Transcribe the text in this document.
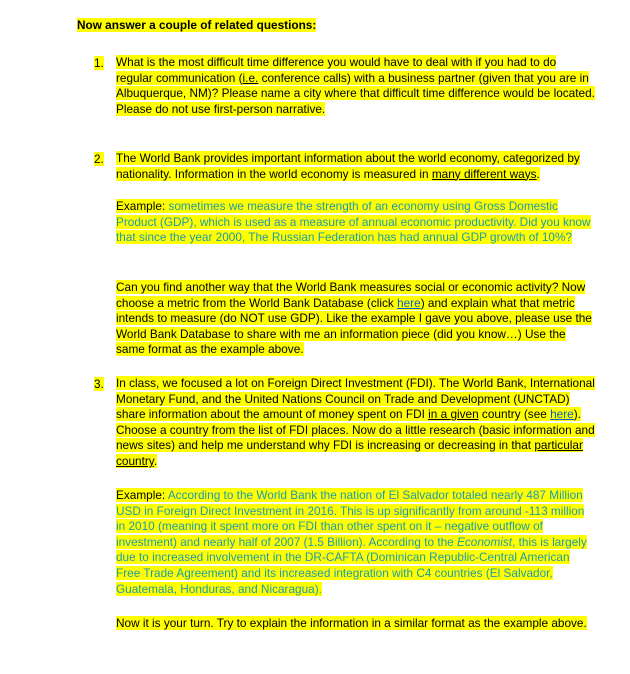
Now answer a couple of related questions:
1. What is the most difficult time difference you would have to deal with if you had to do regular communication (i.e. conference calls) with a business partner (given that you are in Albuquerque, NM)? Please name a city where that difficult time difference would be located. Please do not use first-person narrative.
2. The World Bank provides important information about the world economy, categorized by nationality. Information in the world economy is measured in many different ways.
Example: sometimes we measure the strength of an economy using Gross Domestic Product (GDP), which is used as a measure of annual economic productivity. Did you know that since the year 2000, The Russian Federation has had annual GDP growth of 10%?
Can you find another way that the World Bank measures social or economic activity? Now choose a metric from the World Bank Database (click here) and explain what that metric intends to measure (do NOT use GDP). Like the example I gave you above, please use the World Bank Database to share with me an information piece (did you know…) Use the same format as the example above.
3. In class, we focused a lot on Foreign Direct Investment (FDI). The World Bank, International Monetary Fund, and the United Nations Council on Trade and Development (UNCTAD) share information about the amount of money spent on FDI in a given country (see here). Choose a country from the list of FDI places. Now do a little research (basic information and news sites) and help me understand why FDI is increasing or decreasing in that particular country.
Example: According to the World Bank the nation of El Salvador totaled nearly 487 Million USD in Foreign Direct Investment in 2016. This is up significantly from around -113 million in 2010 (meaning it spent more on FDI than other spent on it – negative outflow of investment) and nearly half of 2007 (1.5 Billion). According to the Economist, this is largely due to increased involvement in the DR-CAFTA (Dominican Republic-Central American Free Trade Agreement) and its increased integration with C4 countries (El Salvador, Guatemala, Honduras, and Nicaragua).
Now it is your turn. Try to explain the information in a similar format as the example above.
